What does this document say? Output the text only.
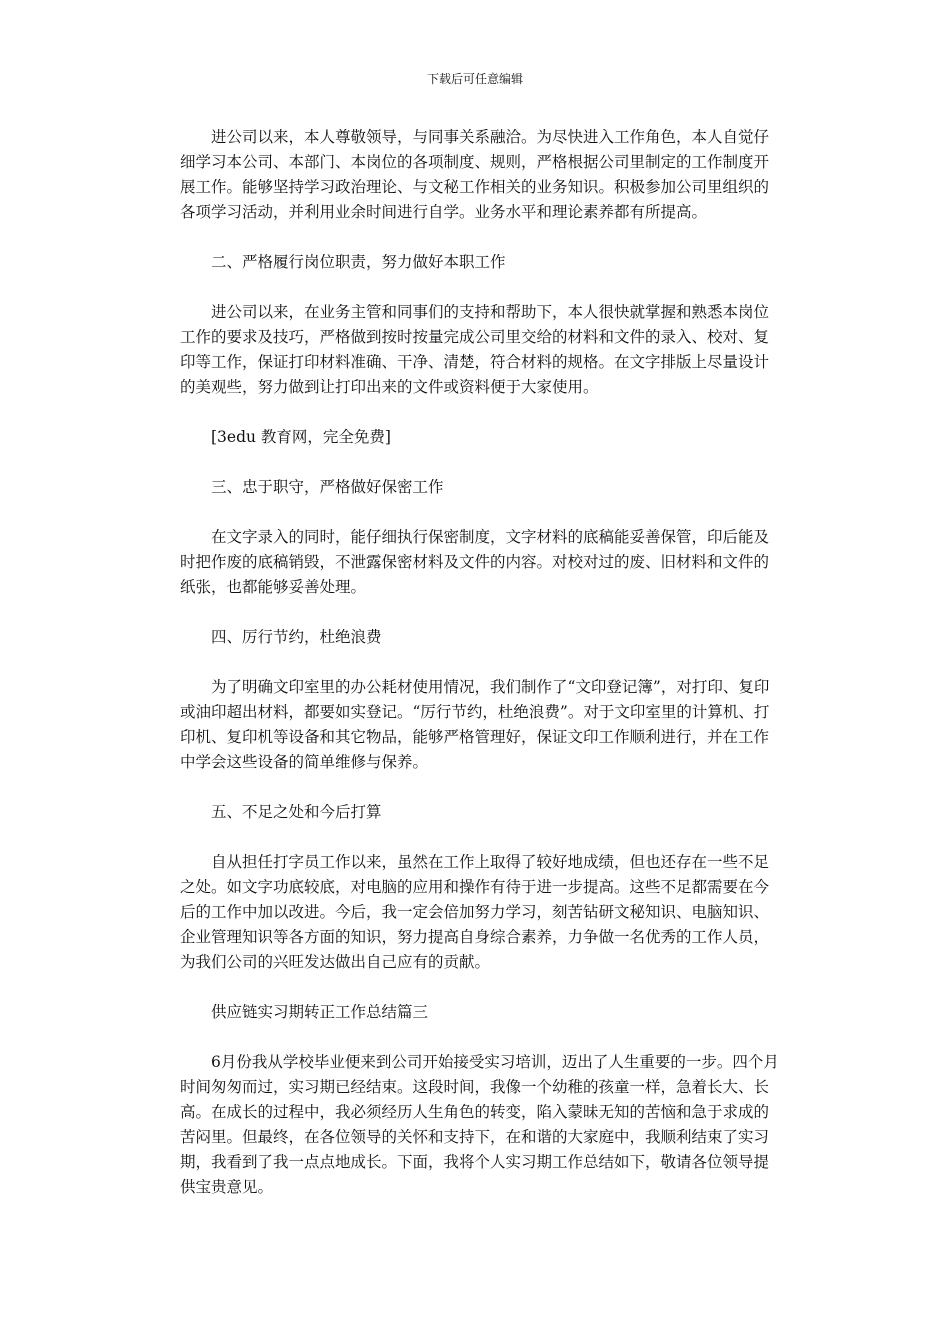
下载后可任意编辑

进公司以来，本人尊敬领导，与同事关系融洽。为尽快进入工作角色，本人自觉仔细学习本公司、本部门、本岗位的各项制度、规则，严格根据公司里制定的工作制度开展工作。能够坚持学习政治理论、与文秘工作相关的业务知识。积极参加公司里组织的各项学习活动，并利用业余时间进行自学。业务水平和理论素养都有所提高。

二、严格履行岗位职责，努力做好本职工作

进公司以来，在业务主管和同事们的支持和帮助下，本人很快就掌握和熟悉本岗位工作的要求及技巧，严格做到按时按量完成公司里交给的材料和文件的录入、校对、复印等工作，保证打印材料准确、干净、清楚，符合材料的规格。在文字排版上尽量设计的美观些，努力做到让打印出来的文件或资料便于大家使用。

[3edu 教育网，完全免费]

三、忠于职守，严格做好保密工作

在文字录入的同时，能仔细执行保密制度，文字材料的底稿能妥善保管，印后能及时把作废的底稿销毁，不泄露保密材料及文件的内容。对校对过的废、旧材料和文件的纸张，也都能够妥善处理。

四、厉行节约，杜绝浪费

为了明确文印室里的办公耗材使用情况，我们制作了“文印登记簿”，对打印、复印或油印超出材料，都要如实登记。“厉行节约，杜绝浪费”。对于文印室里的计算机、打印机、复印机等设备和其它物品，能够严格管理好，保证文印工作顺利进行，并在工作中学会这些设备的简单维修与保养。

五、不足之处和今后打算

自从担任打字员工作以来，虽然在工作上取得了较好地成绩，但也还存在一些不足之处。如文字功底较底，对电脑的应用和操作有待于进一步提高。这些不足都需要在今后的工作中加以改进。今后，我一定会倍加努力学习，刻苦钻研文秘知识、电脑知识、企业管理知识等各方面的知识，努力提高自身综合素养，力争做一名优秀的工作人员，为我们公司的兴旺发达做出自己应有的贡献。

供应链实习期转正工作总结篇三

6月份我从学校毕业便来到公司开始接受实习培训，迈出了人生重要的一步。四个月时间匆匆而过，实习期已经结束。这段时间，我像一个幼稚的孩童一样，急着长大、长高。在成长的过程中，我必须经历人生角色的转变，陷入蒙昧无知的苦恼和急于求成的苦闷里。但最终，在各位领导的关怀和支持下，在和谐的大家庭中，我顺利结束了实习期，我看到了我一点点地成长。下面，我将个人实习期工作总结如下，敬请各位领导提供宝贵意见。
